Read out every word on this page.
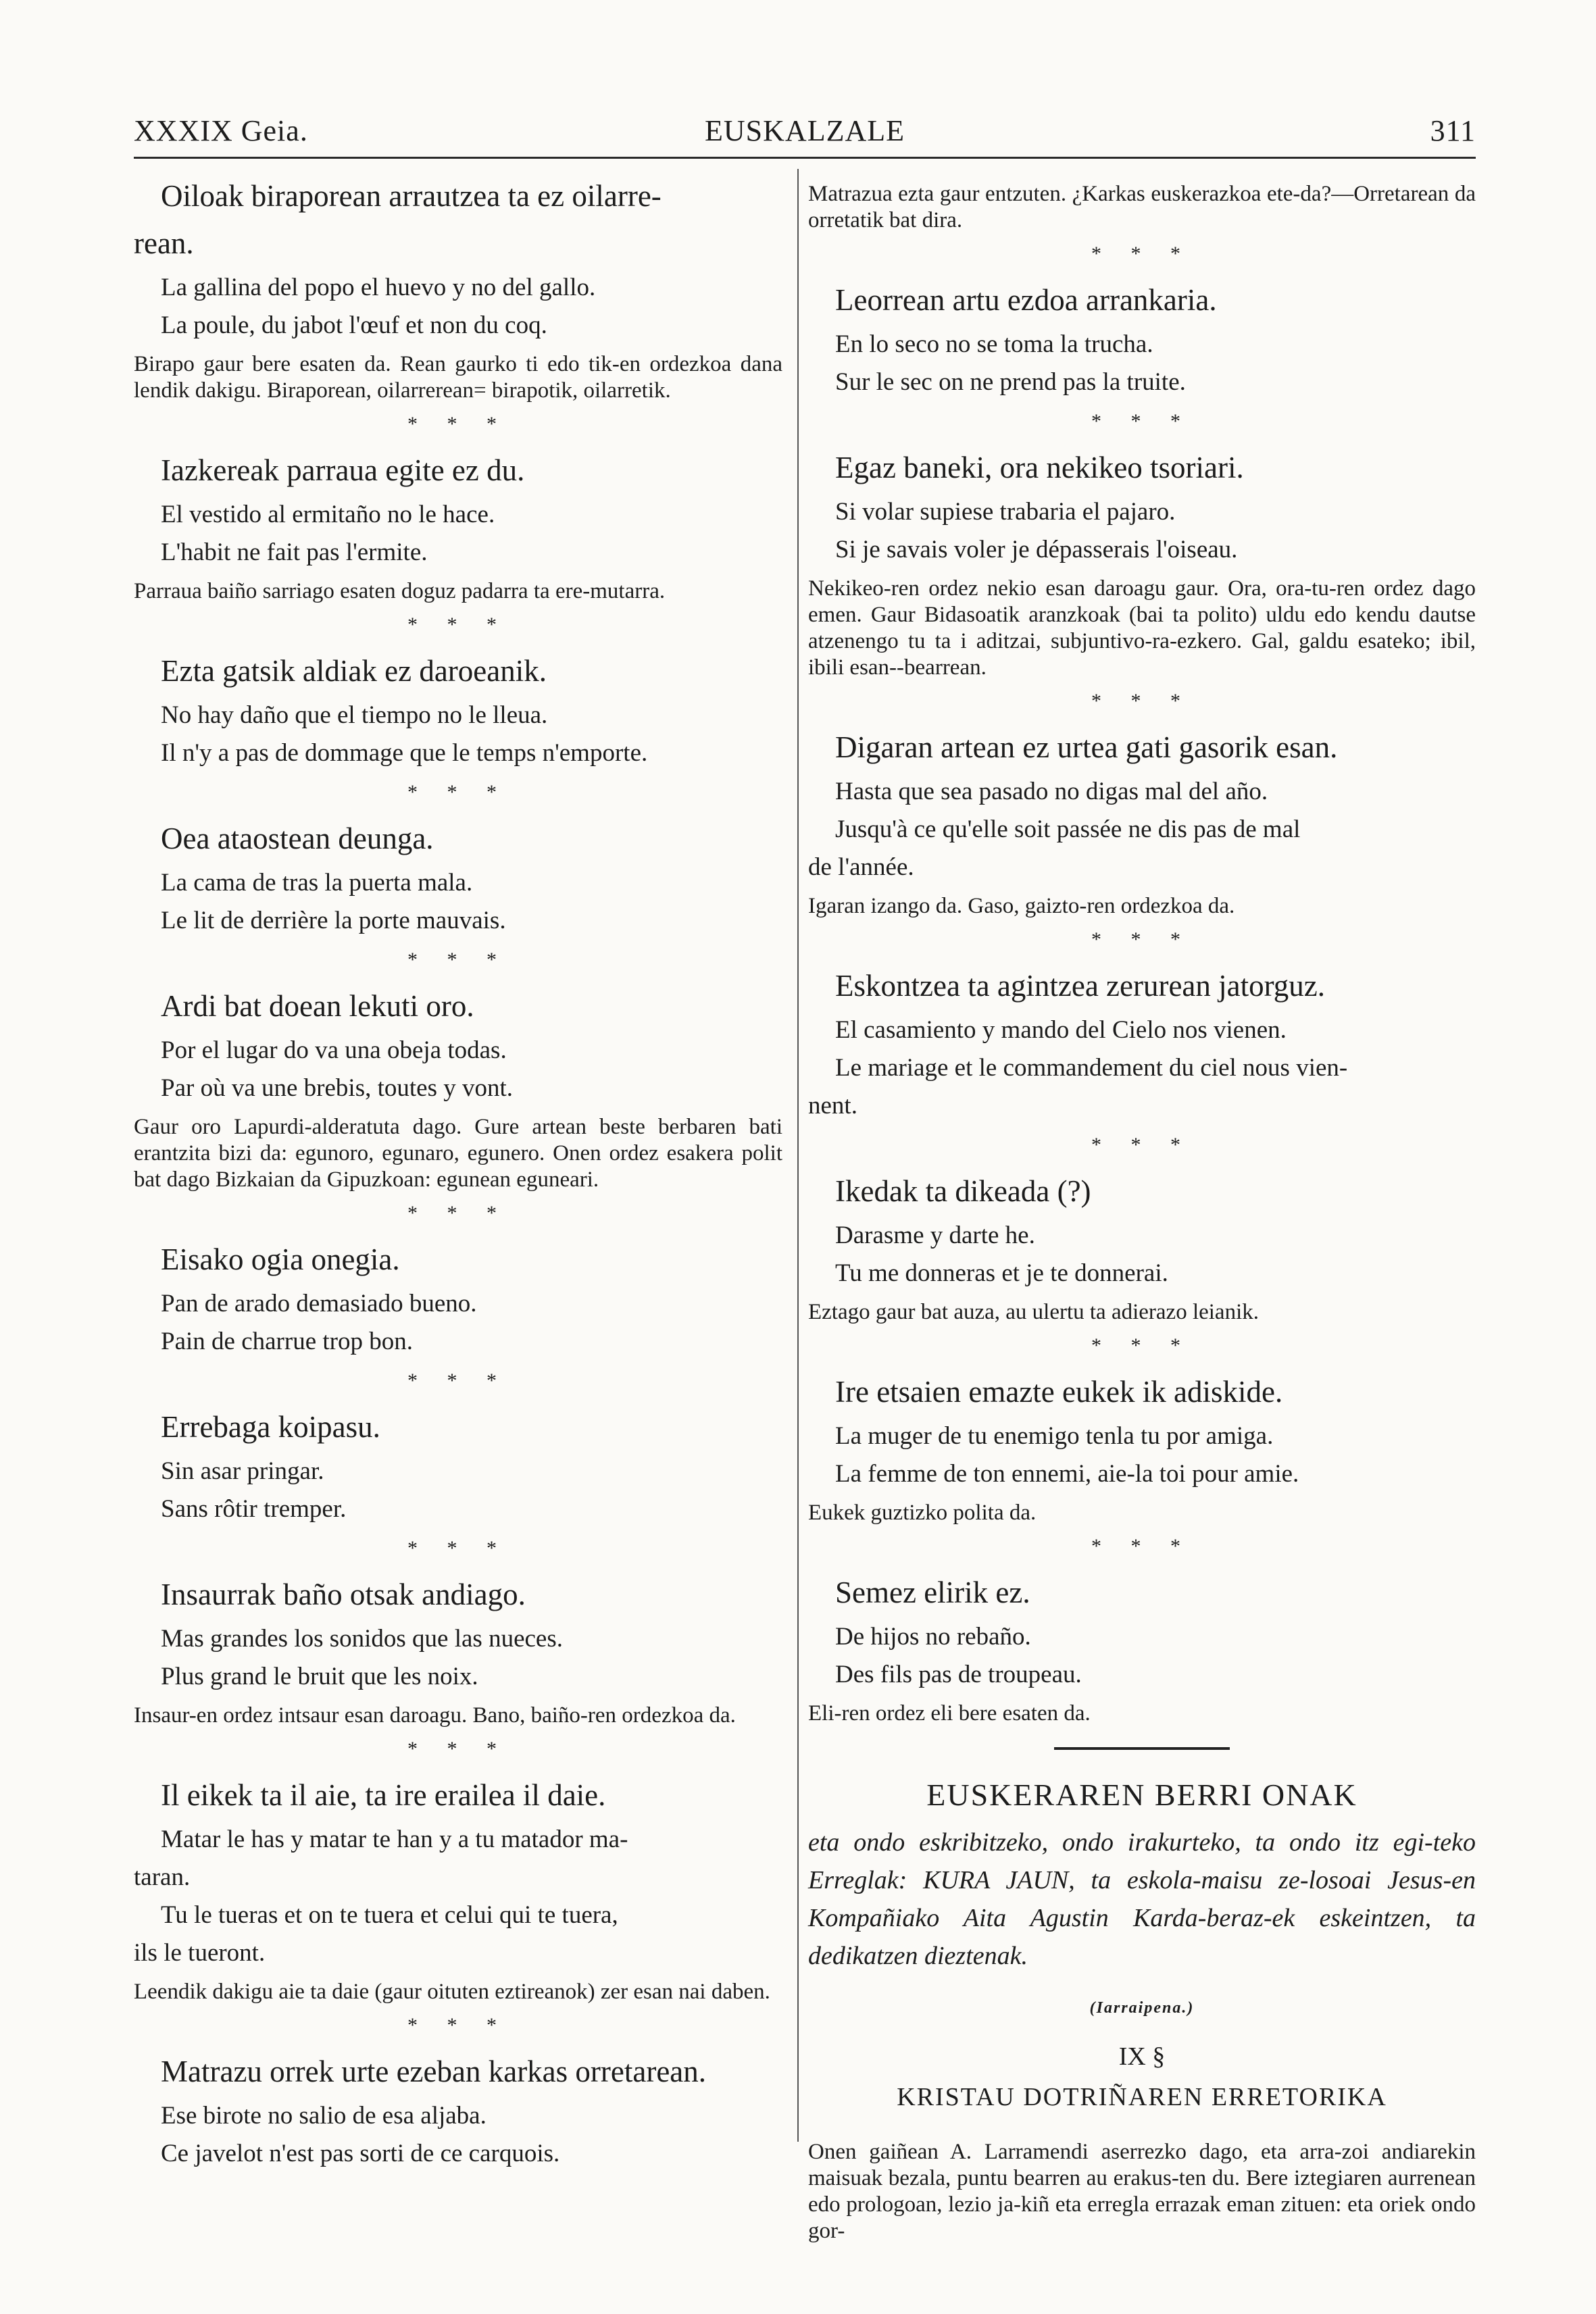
XXXIX Geia.	EUSKALZALE	311

Oiloak biraporean arrautzea ta ez oilarre-

rean.

La gallina del popo el huevo y no del gallo.

La poule, du jabot l'œuf et non du coq.

Birapo gaur bere esaten da. Rean gaurko ti edo tik-en ordezkoa dana lendik dakigu. Biraporean, oilarrerean= birapotik, oilarretik.

* * *

Iazkereak parraua egite ez du.

El vestido al ermitaño no le hace.

L'habit ne fait pas l'ermite.

Parraua baiño sarriago esaten doguz padarra ta ere-mutarra.

* * *

Ezta gatsik aldiak ez daroeanik.

No hay daño que el tiempo no le lleua.

Il n'y a pas de dommage que le temps n'emporte.

* * *

Oea ataostean deunga.

La cama de tras la puerta mala.

Le lit de derrière la porte mauvais.

* * *

Ardi bat doean lekuti oro.

Por el lugar do va una obeja todas.

Par où va une brebis, toutes y vont.

Gaur oro Lapurdi-alderatuta dago. Gure artean beste berbaren bati erantzita bizi da: egunoro, egunaro, egunero. Onen ordez esakera polit bat dago Bizkaian da Gipuzkoan: egunean eguneari.

* * *

Eisako ogia onegia.

Pan de arado demasiado bueno.

Pain de charrue trop bon.

* * *

Errebaga koipasu.

Sin asar pringar.

Sans rôtir tremper.

* * *

Insaurrak baño otsak andiago.

Mas grandes los sonidos que las nueces.

Plus grand le bruit que les noix.

Insaur-en ordez intsaur esan daroagu. Bano, baiño-ren ordezkoa da.

* * *

Il eikek ta il aie, ta ire erailea il daie.

Matar le has y matar te han y a tu matador ma-

taran.

Tu le tueras et on te tuera et celui qui te tuera,

ils le tueront.

Leendik dakigu aie ta daie (gaur oituten eztireanok) zer esan nai daben.

* * *

Matrazu orrek urte ezeban karkas orretarean.

Ese birote no salio de esa aljaba.

Ce javelot n'est pas sorti de ce carquois.

Matrazua ezta gaur entzuten. ¿Karkas euskerazkoa ete-da?—Orretarean da orretatik bat dira.

* * *

Leorrean artu ezdoa arrankaria.

En lo seco no se toma la trucha.

Sur le sec on ne prend pas la truite.

* * *

Egaz baneki, ora nekikeo tsoriari.

Si volar supiese trabaria el pajaro.

Si je savais voler je dépasserais l'oiseau.

Nekikeo-ren ordez nekio esan daroagu gaur. Ora, ora-tu-ren ordez dago emen. Gaur Bidasoatik aranzkoak (bai ta polito) uldu edo kendu dautse atzenengo tu ta i aditzai, subjuntivo-ra-ezkero. Gal, galdu esateko; ibil, ibili esan--bearrean.

* * *

Digaran artean ez urtea gati gasorik esan.

Hasta que sea pasado no digas mal del año.

Jusqu'à ce qu'elle soit passée ne dis pas de mal

de l'année.

Igaran izango da. Gaso, gaizto-ren ordezkoa da.

* * *

Eskontzea ta agintzea zerurean jatorguz.

El casamiento y mando del Cielo nos vienen.

Le mariage et le commandement du ciel nous vien-

nent.

* * *

Ikedak ta dikeada (?)

Darasme y darte he.

Tu me donneras et je te donnerai.

Eztago gaur bat auza, au ulertu ta adierazo leianik.

* * *

Ire etsaien emazte eukek ik adiskide.

La muger de tu enemigo tenla tu por amiga.

La femme de ton ennemi, aie-la toi pour amie.

Eukek guztizko polita da.

* * *

Semez elirik ez.

De hijos no rebaño.

Des fils pas de troupeau.

Eli-ren ordez eli bere esaten da.

EUSKERAREN BERRI ONAK
eta ondo eskribitzeko, ondo irakurteko, ta ondo itz egi-teko Erreglak: KURA JAUN, ta eskola-maisu ze-losoai Jesus-en Kompañiako Aita Agustin Karda-beraz-ek eskeintzen, ta dedikatzen dieztenak.
(Iarraipena.)
IX §
KRISTAU DOTRIÑAREN ERRETORIKA

Onen gaiñean A. Larramendi aserrezko dago, eta arra-zoi andiarekin maisuak bezala, puntu bearren au erakus-ten du. Bere iztegiaren aurrenean edo prologoan, lezio ja-kiñ eta erregla errazak eman zituen: eta oriek ondo gor-
